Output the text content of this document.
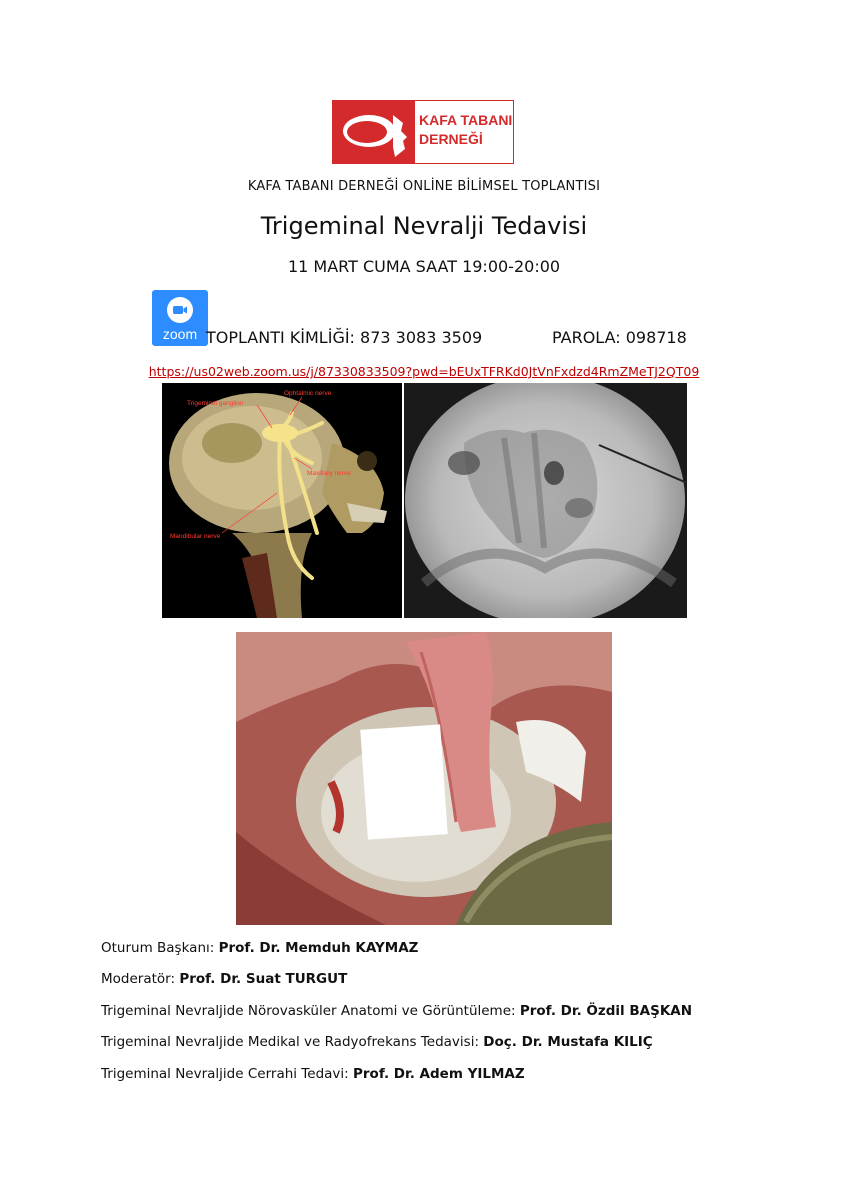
KAFA TABANI
DERNEĞİ
KAFA TABANI DERNEĞİ ONLİNE BİLİMSEL TOPLANTISI
Trigeminal Nevralji Tedavisi
11 MART CUMA SAAT 19:00-20:00
zoom TOPLANTI KİMLİĞİ: 873 3083 3509	PAROLA: 098718
https://us02web.zoom.us/j/87330833509?pwd=bEUxTFRKd0JtVnFxdzd4RmZMeTJ2QT09
Trigeminal ganglion
Ophtalmic nerve
Maxillary nerve
Mandibular nerve
Oturum Başkanı: Prof. Dr. Memduh KAYMAZ
Moderatör: Prof. Dr. Suat TURGUT
Trigeminal Nevraljide Nörovasküler Anatomi ve Görüntüleme: Prof. Dr. Özdil BAŞKAN
Trigeminal Nevraljide Medikal ve Radyofrekans Tedavisi: Doç. Dr. Mustafa KILIÇ
Trigeminal Nevraljide Cerrahi Tedavi: Prof. Dr. Adem YILMAZ
